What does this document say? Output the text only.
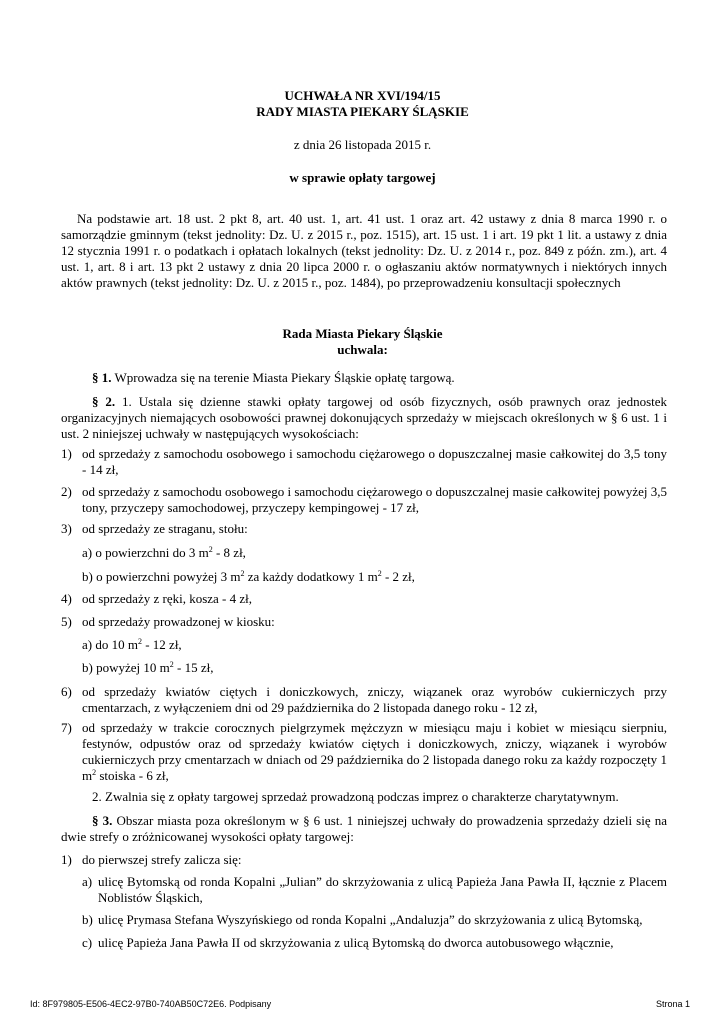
UCHWAŁA NR XVI/194/15
RADY MIASTA PIEKARY ŚLĄSKIE
z dnia 26 listopada 2015 r.
w sprawie opłaty targowej

Na podstawie art. 18 ust. 2 pkt 8, art. 40 ust. 1, art. 41 ust. 1 oraz art. 42 ustawy z dnia 8 marca 1990 r. o samorządzie gminnym (tekst jednolity: Dz. U. z 2015 r., poz. 1515), art. 15 ust. 1 i art. 19 pkt 1 lit. a ustawy z dnia 12 stycznia 1991 r. o podatkach i opłatach lokalnych (tekst jednolity: Dz. U. z 2014 r., poz. 849 z późn. zm.), art. 4 ust. 1, art. 8 i art. 13 pkt 2 ustawy z dnia 20 lipca 2000 r. o ogłaszaniu aktów normatywnych i niektórych innych aktów prawnych (tekst jednolity: Dz. U. z 2015 r., poz. 1484), po przeprowadzeniu konsultacji społecznych

Rada Miasta Piekary Śląskie
uchwala:

§ 1. Wprowadza się na terenie Miasta Piekary Śląskie opłatę targową.

§ 2. 1. Ustala się dzienne stawki opłaty targowej od osób fizycznych, osób prawnych oraz jednostek organizacyjnych niemających osobowości prawnej dokonujących sprzedaży w miejscach określonych w § 6 ust. 1 i ust. 2 niniejszej uchwały w następujących wysokościach:

1) od sprzedaży z samochodu osobowego i samochodu ciężarowego o dopuszczalnej masie całkowitej do 3,5 tony - 14 zł,
2) od sprzedaży z samochodu osobowego i samochodu ciężarowego o dopuszczalnej masie całkowitej powyżej 3,5 tony, przyczepy samochodowej, przyczepy kempingowej - 17 zł,
3) od sprzedaży ze straganu, stołu:
a) o powierzchni do 3 $m^2 - 8$ zł,
b) o powierzchni powyżej 3 $m^2$ za każdy dodatkowy 1 $m^2 - 2$ zł,
4) od sprzedaży z ręki, kosza - 4 zł,
5) od sprzedaży prowadzonej w kiosku:
a) do 10 $m^2 - 12$ zł,
b) powyżej 10 $m^2 - 15$ zł,
6) od sprzedaży kwiatów ciętych i doniczkowych, zniczy, wiązanek oraz wyrobów cukierniczych przy cmentarzach, z wyłączeniem dni od 29 października do 2 listopada danego roku - 12 zł,
7) od sprzedaży w trakcie corocznych pielgrzymek mężczyzn w miesiącu maju i kobiet w miesiącu sierpniu, festynów, odpustów oraz od sprzedaży kwiatów ciętych i doniczkowych, zniczy, wiązanek i wyrobów cukierniczych przy cmentarzach w dniach od 29 października do 2 listopada danego roku za każdy rozpoczęty 1 $m^2$ stoiska - 6 zł,

2. Zwalnia się z opłaty targowej sprzedaż prowadzoną podczas imprez o charakterze charytatywnym.

§ 3. Obszar miasta poza określonym w § 6 ust. 1 niniejszej uchwały do prowadzenia sprzedaży dzieli się na dwie strefy o zróżnicowanej wysokości opłaty targowej:

1) do pierwszej strefy zalicza się:
a) ulicę Bytomską od ronda Kopalni „Julian” do skrzyżowania z ulicą Papieża Jana Pawła II, łącznie z Placem Noblistów Śląskich,
b) ulicę Prymasa Stefana Wyszyńskiego od ronda Kopalni „Andaluzja” do skrzyżowania z ulicą Bytomską,
c) ulicę Papieża Jana Pawła II od skrzyżowania z ulicą Bytomską do dworca autobusowego włącznie,
Id: 8F979805-E506-4EC2-97B0-740AB50C72E6. Podpisany	Strona 1
